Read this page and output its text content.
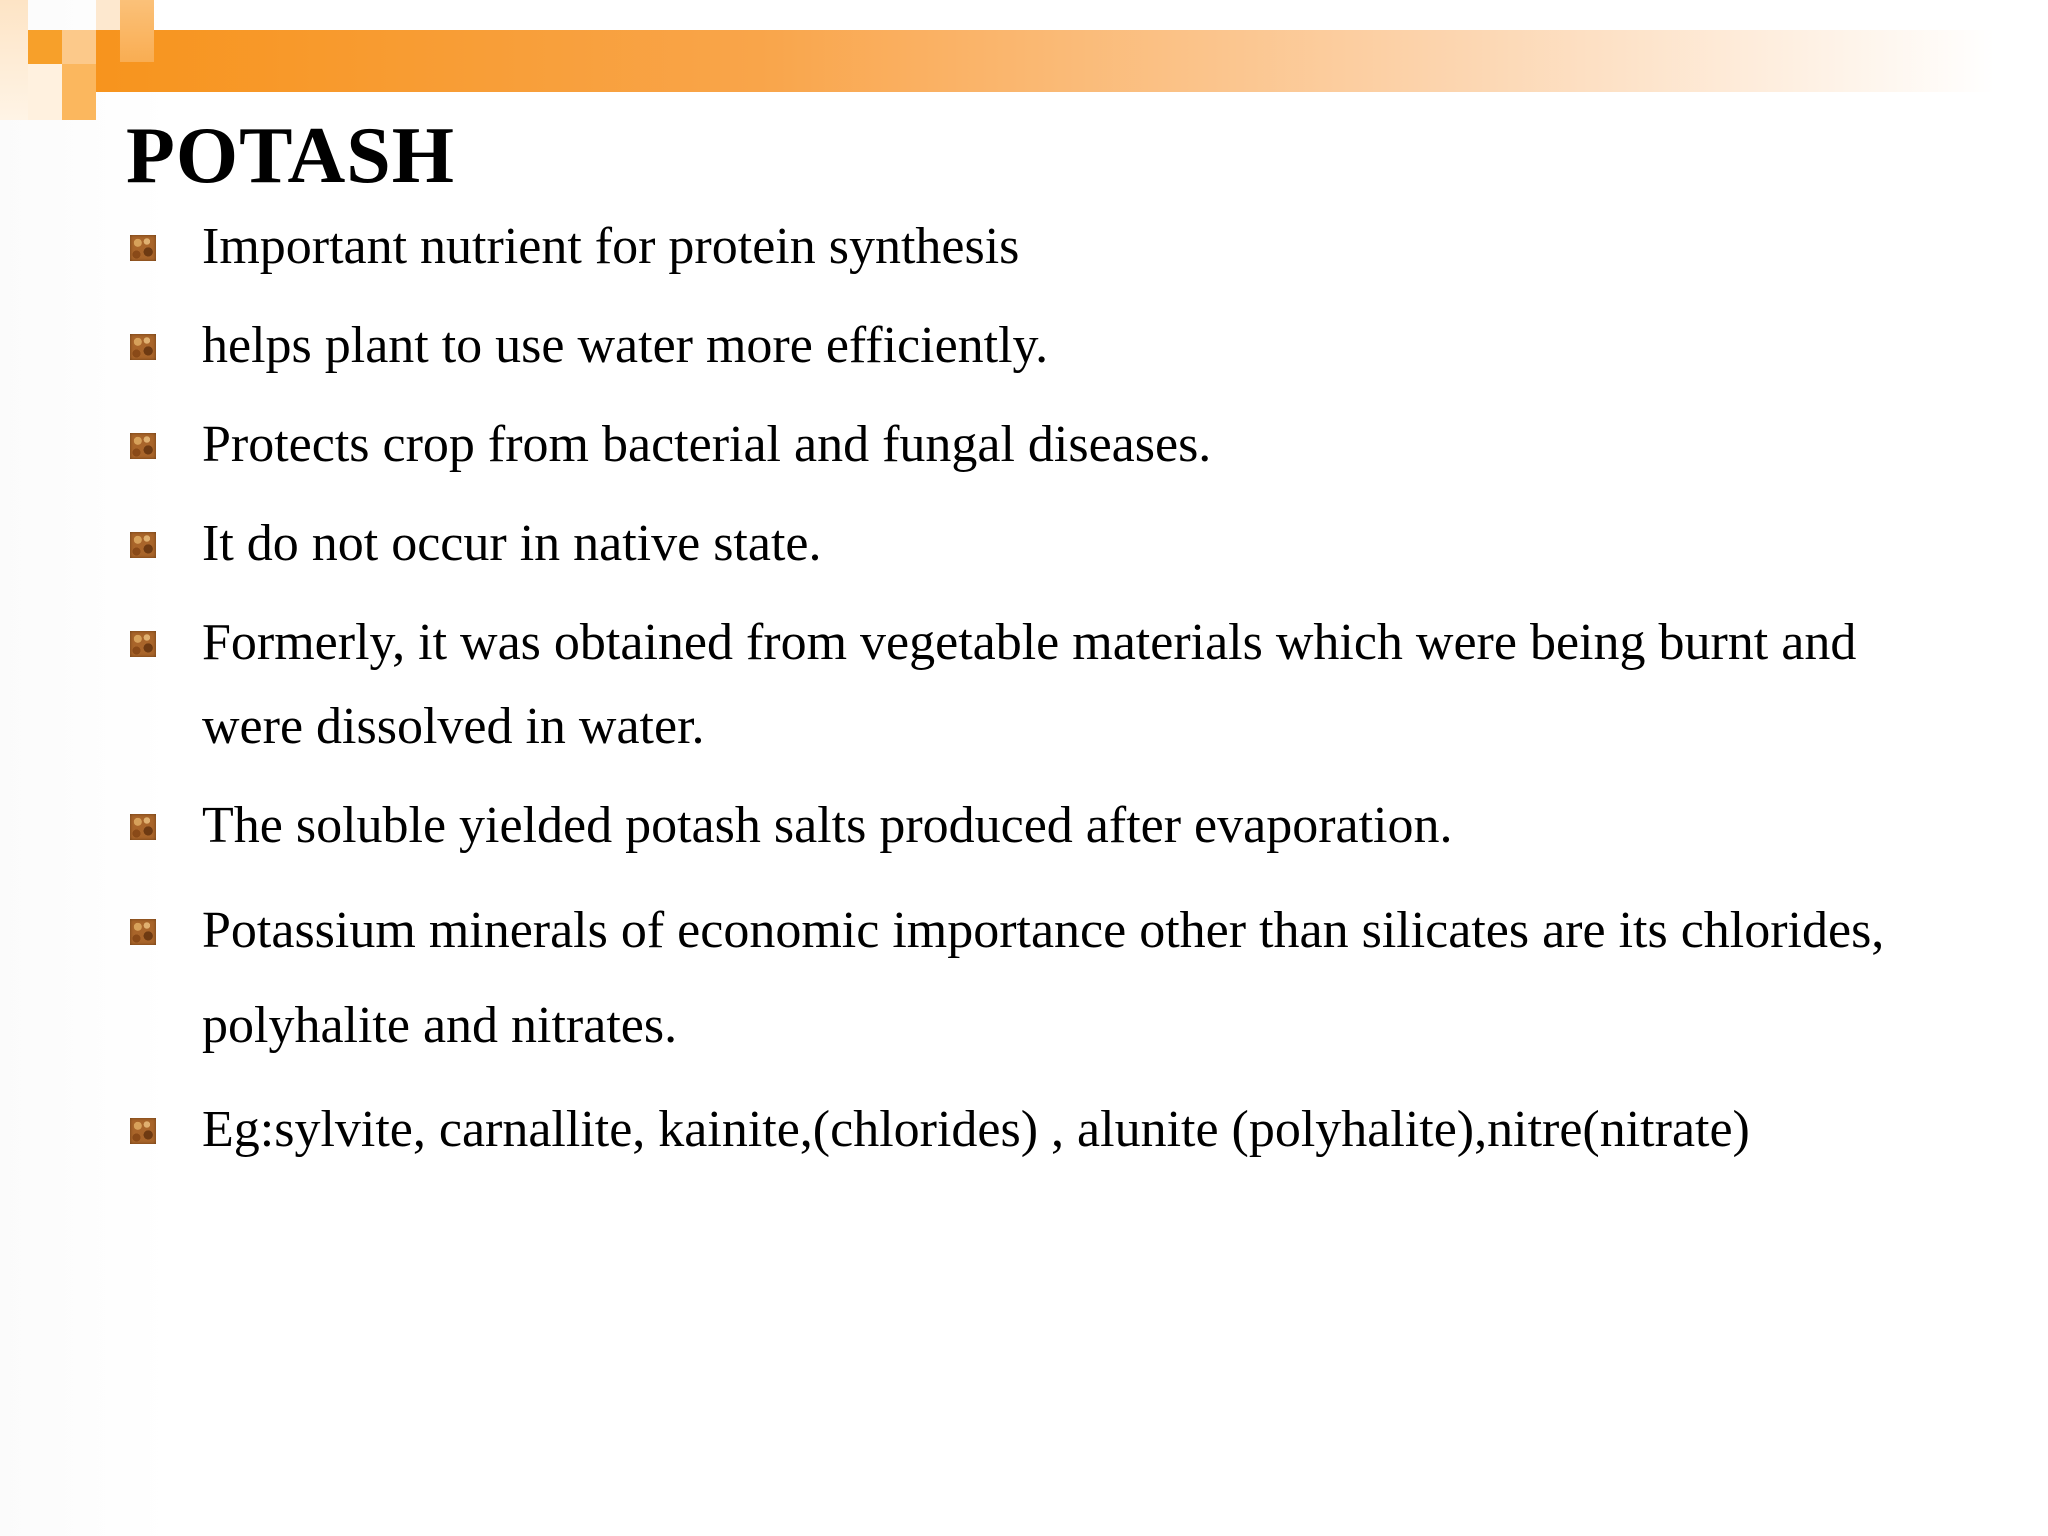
POTASH
Important nutrient for protein synthesis
helps plant to use water more efficiently.
Protects crop from bacterial and fungal diseases.
It do not occur in native state.
Formerly, it was obtained from vegetable materials which were being burnt and were dissolved in water.
The soluble yielded potash salts produced after evaporation.
Potassium minerals of economic importance other than silicates are its chlorides, polyhalite and nitrates.
Eg:sylvite, carnallite, kainite,(chlorides) , alunite (polyhalite),nitre(nitrate)
